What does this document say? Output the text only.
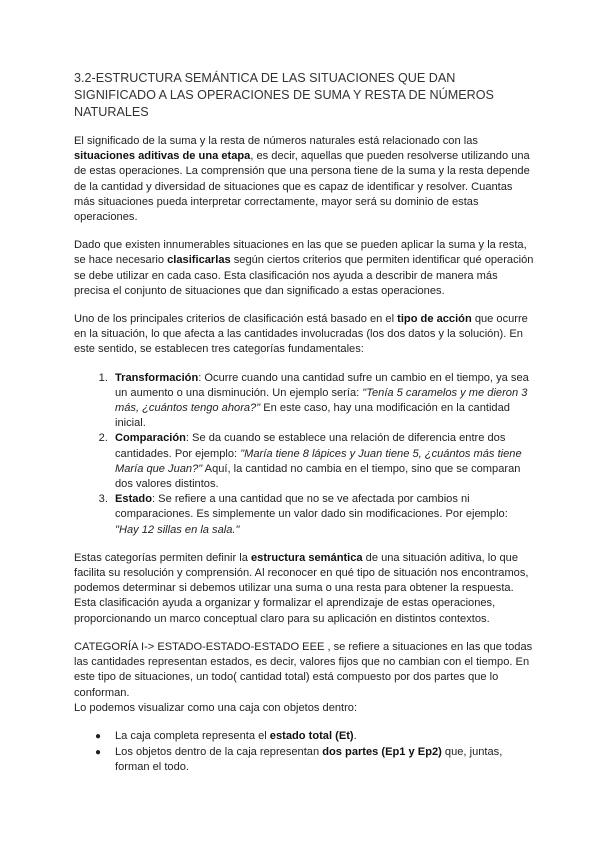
3.2-ESTRUCTURA SEMÁNTICA DE LAS SITUACIONES QUE DAN SIGNIFICADO A LAS OPERACIONES DE SUMA Y RESTA DE NÚMEROS NATURALES

El significado de la suma y la resta de números naturales está relacionado con las situaciones aditivas de una etapa, es decir, aquellas que pueden resolverse utilizando una de estas operaciones. La comprensión que una persona tiene de la suma y la resta depende de la cantidad y diversidad de situaciones que es capaz de identificar y resolver. Cuantas más situaciones pueda interpretar correctamente, mayor será su dominio de estas operaciones.

Dado que existen innumerables situaciones en las que se pueden aplicar la suma y la resta, se hace necesario clasificarlas según ciertos criterios que permiten identificar qué operación se debe utilizar en cada caso. Esta clasificación nos ayuda a describir de manera más precisa el conjunto de situaciones que dan significado a estas operaciones.

Uno de los principales criterios de clasificación está basado en el tipo de acción que ocurre en la situación, lo que afecta a las cantidades involucradas (los dos datos y la solución). En este sentido, se establecen tres categorías fundamentales:

1. Transformación: Ocurre cuando una cantidad sufre un cambio en el tiempo, ya sea un aumento o una disminución. Un ejemplo sería: "Tenía 5 caramelos y me dieron 3 más, ¿cuántos tengo ahora?" En este caso, hay una modificación en la cantidad inicial.
2. Comparación: Se da cuando se establece una relación de diferencia entre dos cantidades. Por ejemplo: "María tiene 8 lápices y Juan tiene 5, ¿cuántos más tiene María que Juan?" Aquí, la cantidad no cambia en el tiempo, sino que se comparan dos valores distintos.
3. Estado: Se refiere a una cantidad que no se ve afectada por cambios ni comparaciones. Es simplemente un valor dado sin modificaciones. Por ejemplo: "Hay 12 sillas en la sala."

Estas categorías permiten definir la estructura semántica de una situación aditiva, lo que facilita su resolución y comprensión. Al reconocer en qué tipo de situación nos encontramos, podemos determinar si debemos utilizar una suma o una resta para obtener la respuesta. Esta clasificación ayuda a organizar y formalizar el aprendizaje de estas operaciones, proporcionando un marco conceptual claro para su aplicación en distintos contextos.

CATEGORÍA I-> ESTADO-ESTADO-ESTADO EEE , se refiere a situaciones en las que todas las cantidades representan estados, es decir, valores fijos que no cambian con el tiempo. En este tipo de situaciones, un todo( cantidad total) está compuesto por dos partes que lo conforman.

Lo podemos visualizar como una caja con objetos dentro:

● La caja completa representa el estado total (Et).
● Los objetos dentro de la caja representan dos partes (Ep1 y Ep2) que, juntas, forman el todo.
